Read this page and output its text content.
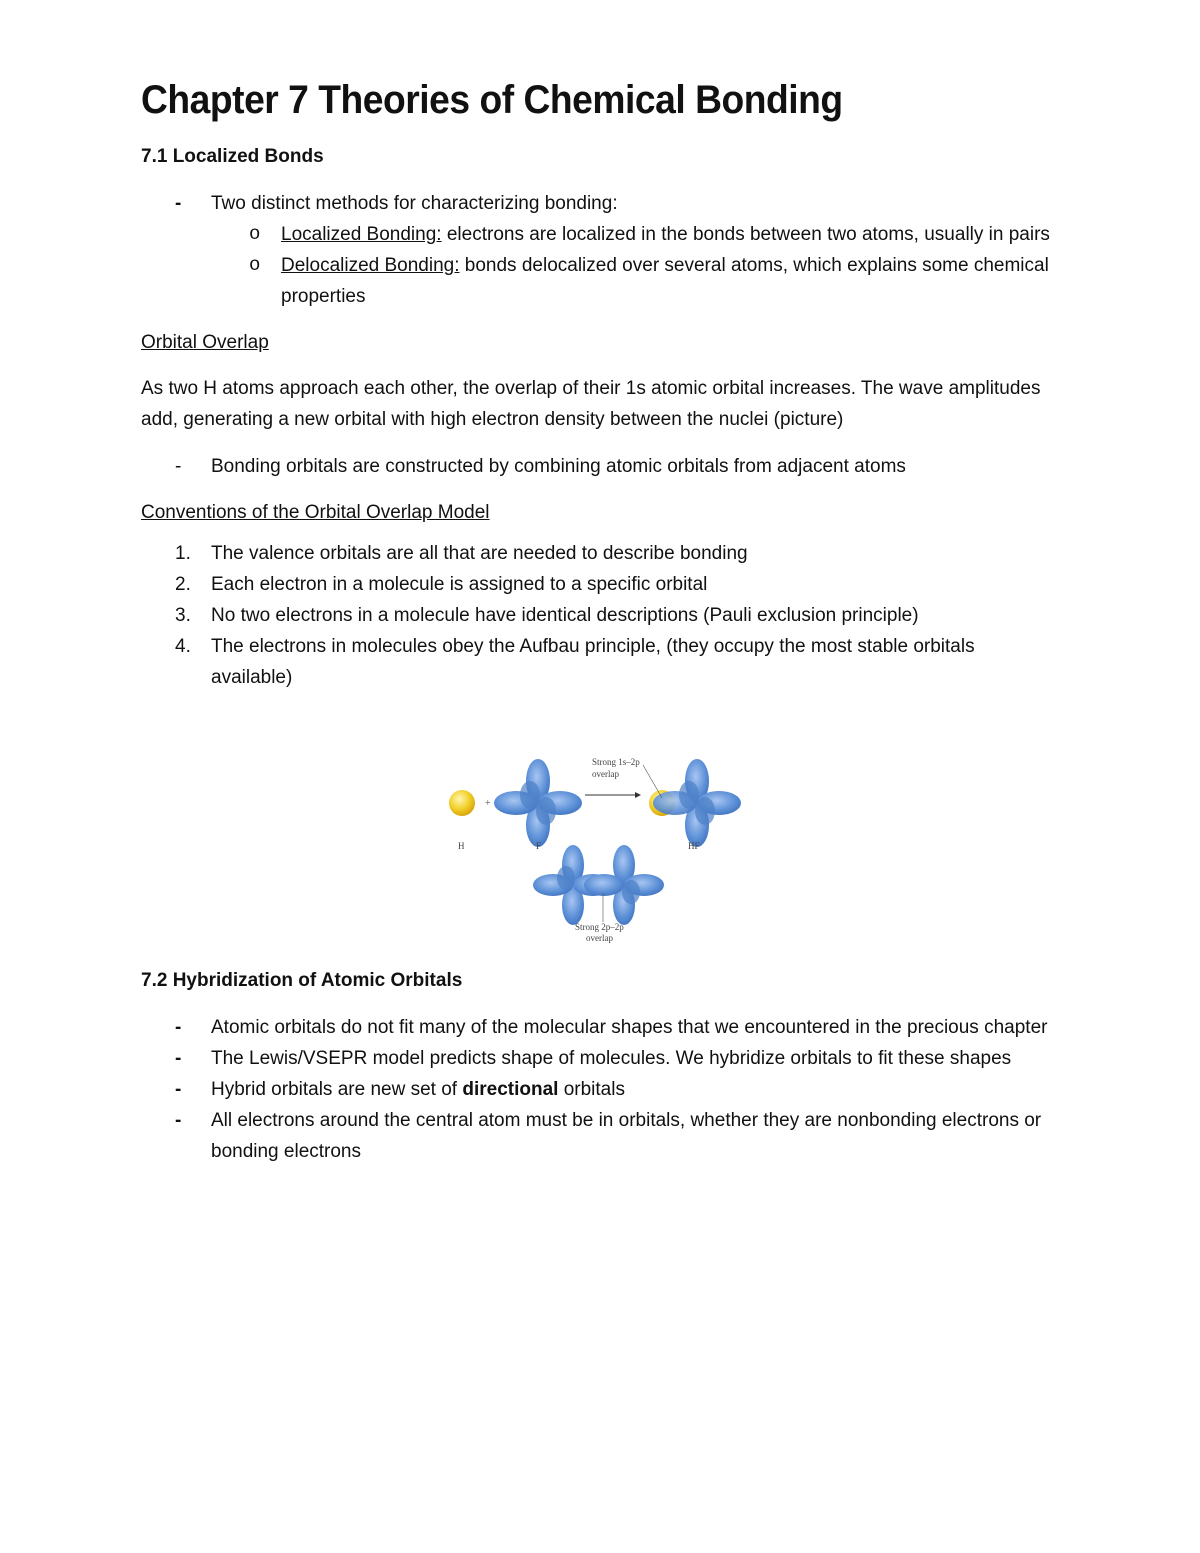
Chapter 7 Theories of Chemical Bonding
7.1 Localized Bonds
- Two distinct methods for characterizing bonding:
o Localized Bonding: electrons are localized in the bonds between two atoms, usually in pairs
o Delocalized Bonding: bonds delocalized over several atoms, which explains some chemical properties

Orbital Overlap

As two H atoms approach each other, the overlap of their 1s atomic orbital increases. The wave amplitudes add, generating a new orbital with high electron density between the nuclei (picture)

- Bonding orbitals are constructed by combining atomic orbitals from adjacent atoms

Conventions of the Orbital Overlap Model

1. The valence orbitals are all that are needed to describe bonding
2. Each electron in a molecule is assigned to a specific orbital
3. No two electrons in a molecule have identical descriptions (Pauli exclusion principle)
4. The electrons in molecules obey the Aufbau principle, (they occupy the most stable orbitals available)
+
Strong 1s–2p
overlap
H	F	HF
Strong 2p–2p
overlap
7.2 Hybridization of Atomic Orbitals
- Atomic orbitals do not fit many of the molecular shapes that we encountered in the precious chapter
- The Lewis/VSEPR model predicts shape of molecules. We hybridize orbitals to fit these shapes
- Hybrid orbitals are new set of directional orbitals
- All electrons around the central atom must be in orbitals, whether they are nonbonding electrons or bonding electrons
